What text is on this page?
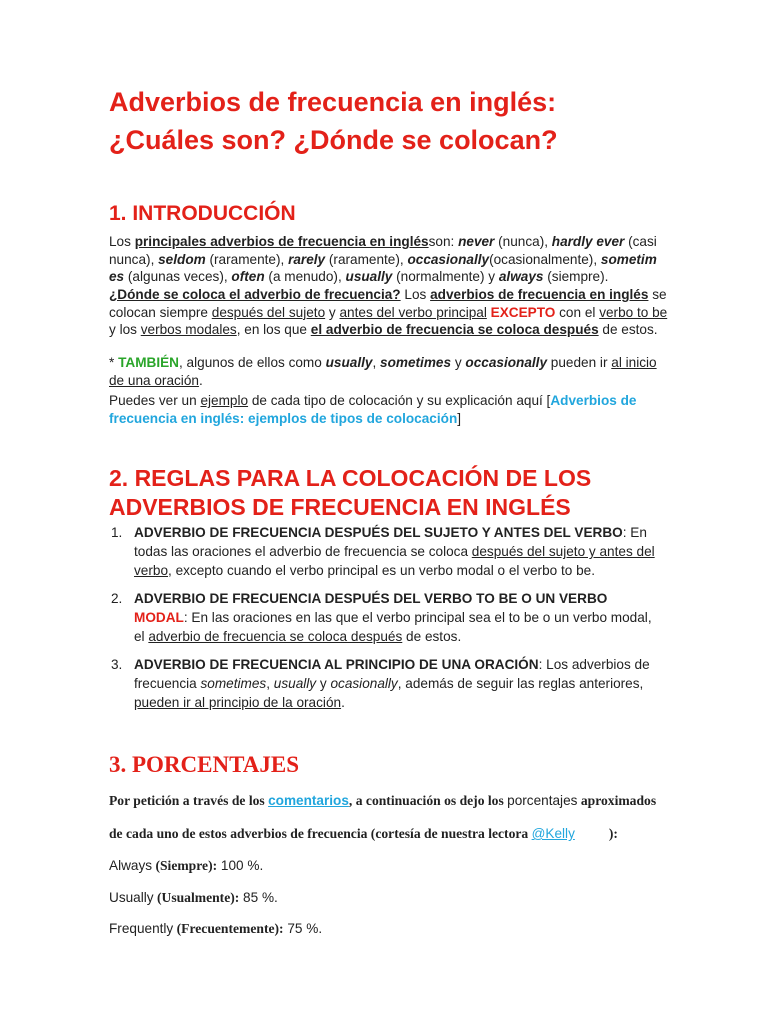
Adverbios de frecuencia en inglés:
¿Cuáles son? ¿Dónde se colocan?
1. INTRODUCCIÓN

Los principales adverbios de frecuencia en inglésson: never (nunca), hardly ever (casi nunca), seldom (raramente), rarely (raramente), occasionally(ocasionalmente), sometim es (algunas veces), often (a menudo), usually (normalmente) y always (siempre).

¿Dónde se coloca el adverbio de frecuencia? Los adverbios de frecuencia en inglés se colocan siempre después del sujeto y antes del verbo principal EXCEPTO con el verbo to be y los verbos modales, en los que el adverbio de frecuencia se coloca después de estos.

* TAMBIÉN, algunos de ellos como usually, sometimes y occasionally pueden ir al inicio de una oración.

Puedes ver un ejemplo de cada tipo de colocación y su explicación aquí [Adverbios de frecuencia en inglés: ejemplos de tipos de colocación]

2. REGLAS PARA LA COLOCACIÓN DE LOS
ADVERBIOS DE FRECUENCIA EN INGLÉS
1. ADVERBIO DE FRECUENCIA DESPUÉS DEL SUJETO Y ANTES DEL VERBO: En todas las oraciones el adverbio de frecuencia se coloca después del sujeto y antes del verbo, excepto cuando el verbo principal es un verbo modal o el verbo to be.

2. ADVERBIO DE FRECUENCIA DESPUÉS DEL VERBO TO BE O UN VERBO MODAL: En las oraciones en las que el verbo principal sea el to be o un verbo modal, el adverbio de frecuencia se coloca después de estos.

3. ADVERBIO DE FRECUENCIA AL PRINCIPIO DE UNA ORACIÓN: Los adverbios de frecuencia sometimes, usually y ocasionally, además de seguir las reglas anteriores, pueden ir al principio de la oración.

3. PORCENTAJES

Por petición a través de los comentarios, a continuación os dejo los porcentajes aproximados

de cada uno de estos adverbios de frecuencia (cortesía de nuestra lectora @Kelly	):

Always (Siempre): 100 %.

Usually (Usualmente): 85 %.

Frequently (Frecuentemente): 75 %.
